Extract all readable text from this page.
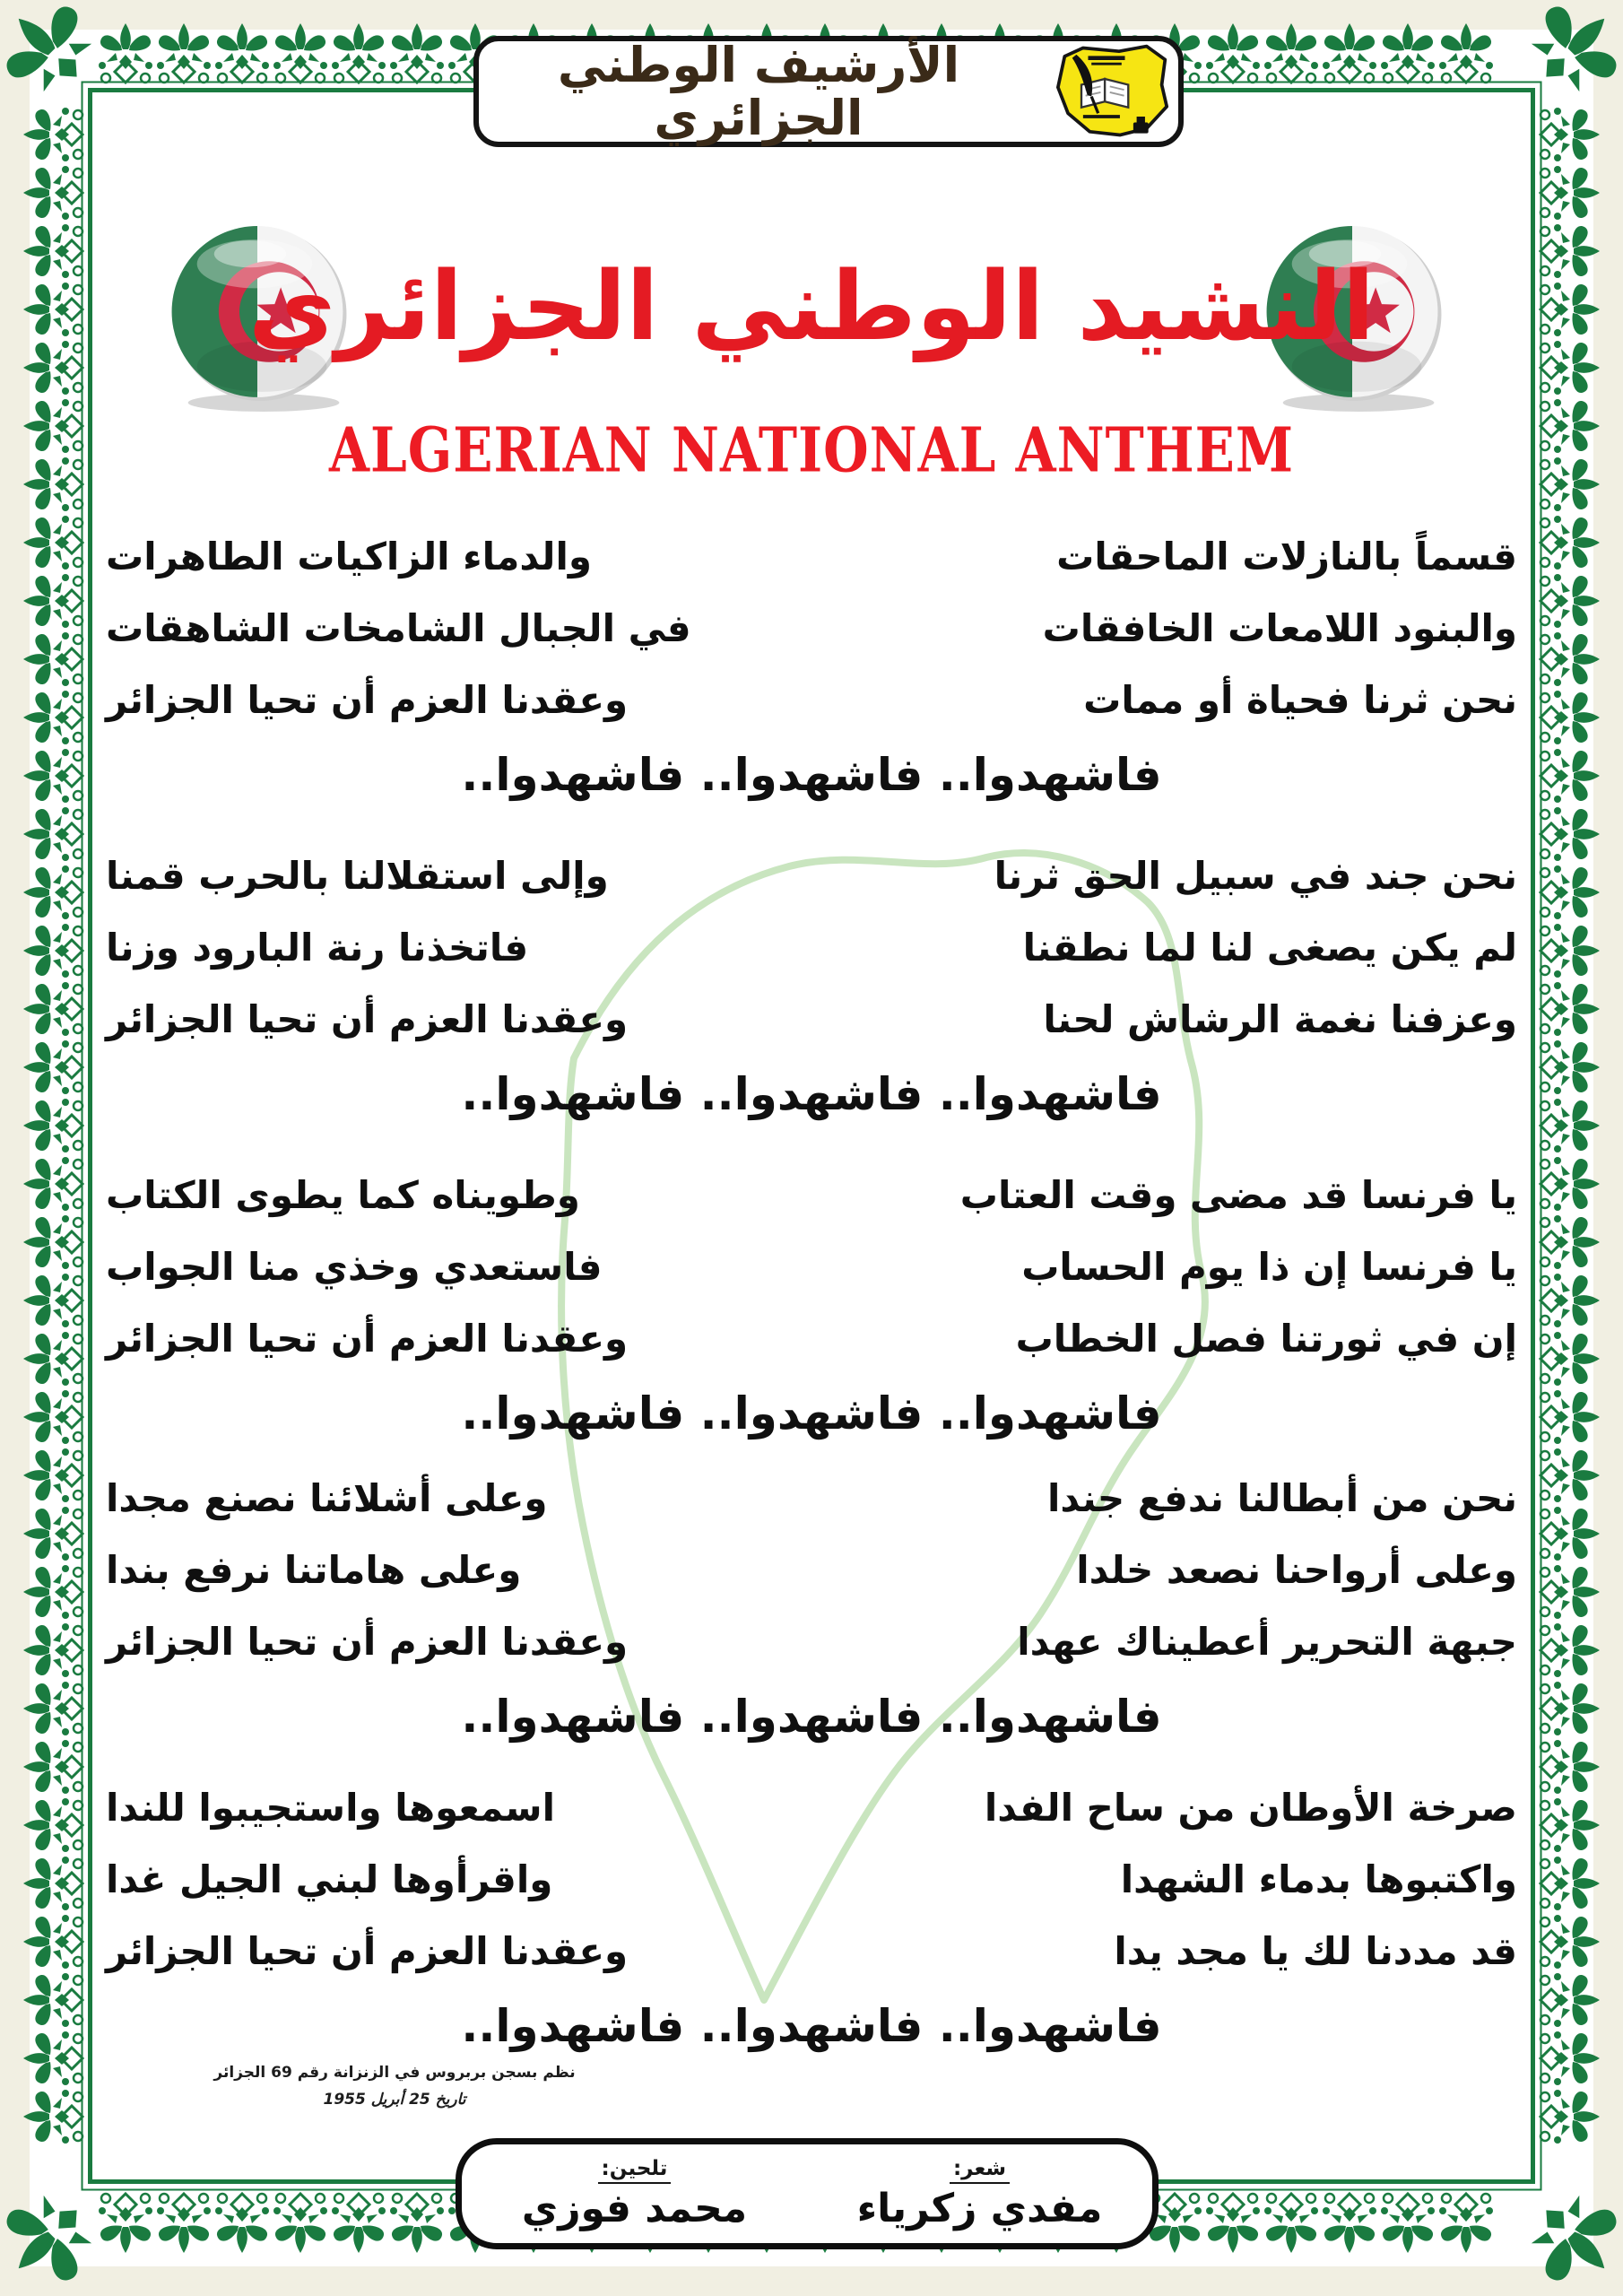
الأرشيف الوطني الجزائري
النشيد الوطني الجزائري
ALGERIAN NATIONAL ANTHEM
قسماً بالنازلات الماحقات
والدماء الزاكيات الطاهرات
والبنود اللامعات الخافقات
في الجبال الشامخات الشاهقات
نحن ثرنا فحياة أو ممات
وعقدنا العزم أن تحيا الجزائر
فاشهدوا.. فاشهدوا.. فاشهدوا..
نحن جند في سبيل الحق ثرنا
وإلى استقلالنا بالحرب قمنا
لم يكن يصغى لنا لما نطقنا
فاتخذنا رنة البارود وزنا
وعزفنا نغمة الرشاش لحنا
وعقدنا العزم أن تحيا الجزائر
فاشهدوا.. فاشهدوا.. فاشهدوا..
يا فرنسا قد مضى وقت العتاب
وطويناه كما يطوى الكتاب
يا فرنسا إن ذا يوم الحساب
فاستعدي وخذي منا الجواب
إن في ثورتنا فصل الخطاب
وعقدنا العزم أن تحيا الجزائر
فاشهدوا.. فاشهدوا.. فاشهدوا..
نحن من أبطالنا ندفع جندا
وعلى أشلائنا نصنع مجدا
وعلى أرواحنا نصعد خلدا
وعلى هاماتنا نرفع بندا
جبهة التحرير أعطيناك عهدا
وعقدنا العزم أن تحيا الجزائر
فاشهدوا.. فاشهدوا.. فاشهدوا..
صرخة الأوطان من ساح الفدا
اسمعوها واستجيبوا للندا
واكتبوها بدماء الشهدا
واقرأوها لبني الجيل غدا
قد مددنا لك يا مجد يدا
وعقدنا العزم أن تحيا الجزائر
فاشهدوا.. فاشهدوا.. فاشهدوا..
نظم بسجن بربروس في الزنزانة رقم 69 الجزائر
تاريخ 25 أبريل 1955
شعر:
مفدي زكرياء
تلحين:
محمد فوزي
